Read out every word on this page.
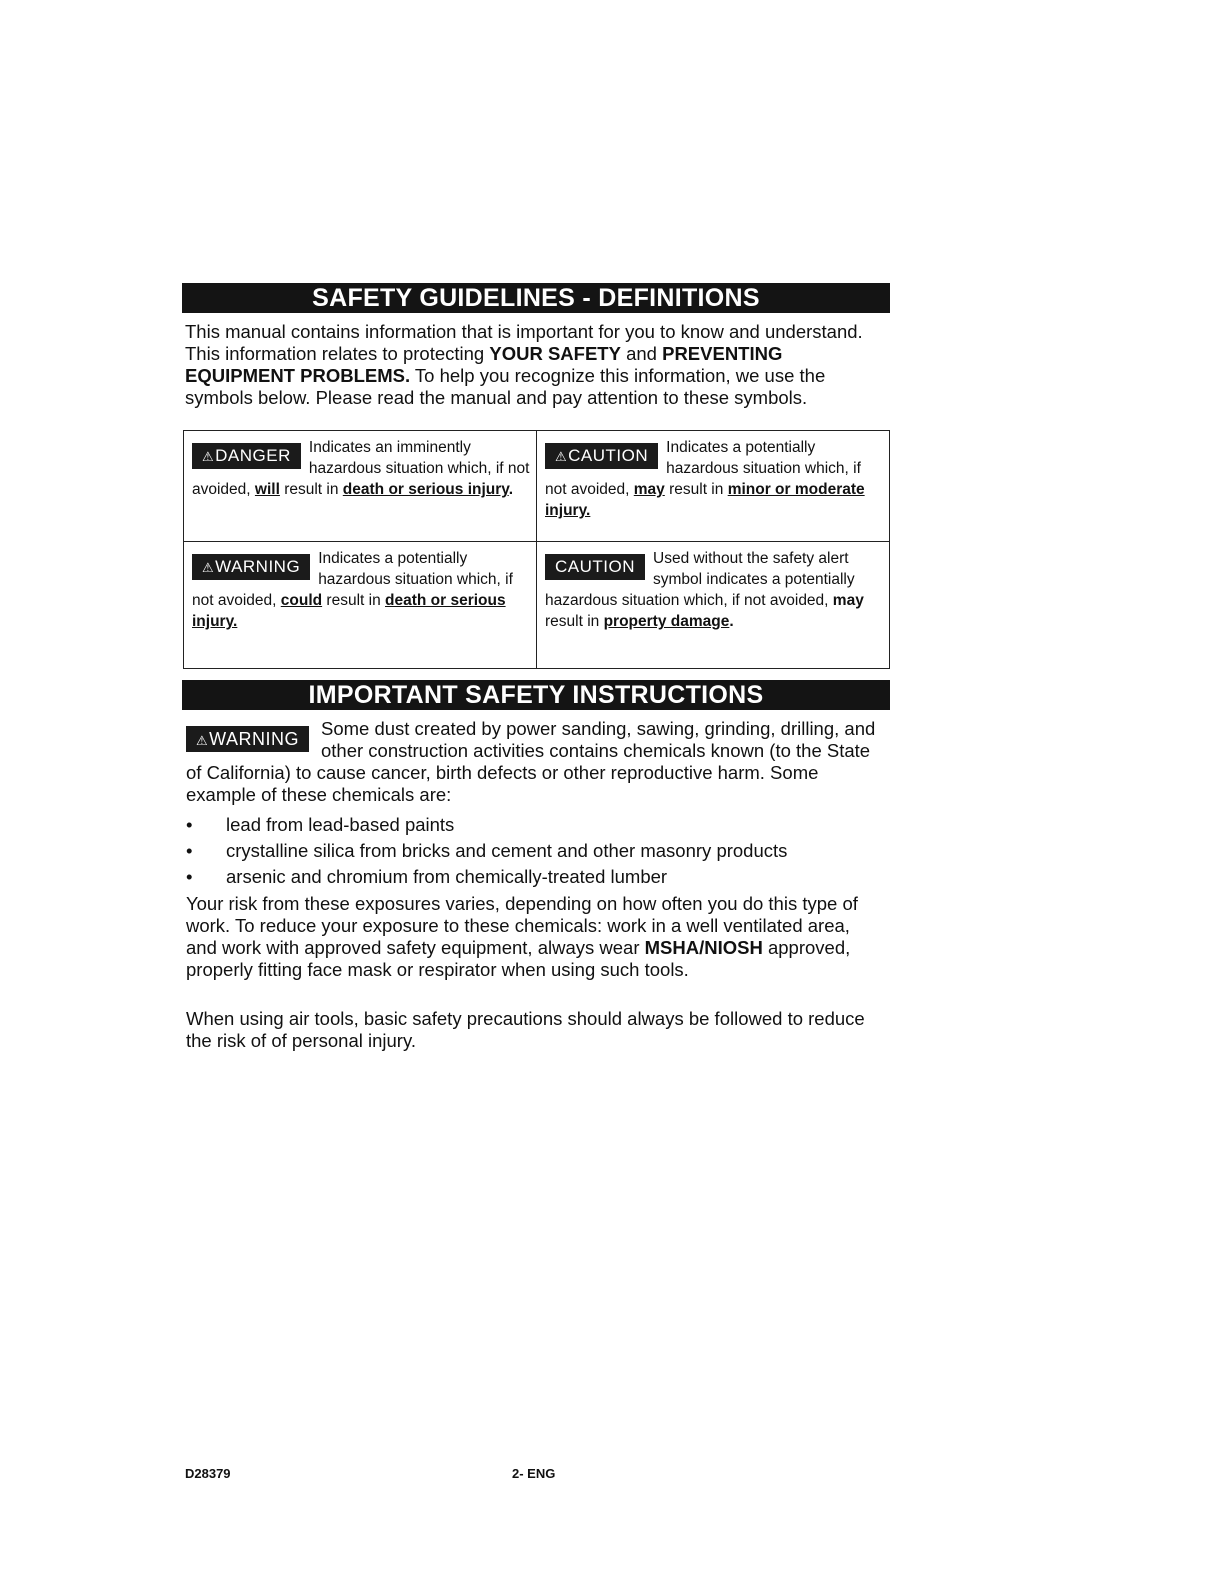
SAFETY GUIDELINES - DEFINITIONS

This manual contains information that is important for you to know and understand. This information relates to protecting YOUR SAFETY and PREVENTING EQUIPMENT PROBLEMS. To help you recognize this information, we use the symbols below. Please read the manual and pay attention to these symbols.

⚠DANGER Indicates an imminently hazardous situation which, if not avoided, will result in death or serious injury.	⚠CAUTION Indicates a potentially hazardous situation which, if not avoided, may result in minor or moderate injury.

⚠WARNING Indicates a potentially hazardous situation which, if not avoided, could result in death or serious injury.	CAUTION Used without the safety alert symbol indicates a potentially hazardous situation which, if not avoided, may result in property damage.
IMPORTANT SAFETY INSTRUCTIONS

⚠WARNING	Some dust created by power sanding, sawing, grinding, drilling, and other construction activities contains chemicals known (to the State of California) to cause cancer, birth defects or other reproductive harm. Some example of these chemicals are:

• lead from lead-based paints
• crystalline silica from bricks and cement and other masonry products
• arsenic and chromium from chemically-treated lumber

Your risk from these exposures varies, depending on how often you do this type of work. To reduce your exposure to these chemicals: work in a well ventilated area, and work with approved safety equipment, always wear MSHA/NIOSH approved, properly fitting face mask or respirator when using such tools.

When using air tools, basic safety precautions should always be followed to reduce the risk of of personal injury.

D28379	2- ENG
